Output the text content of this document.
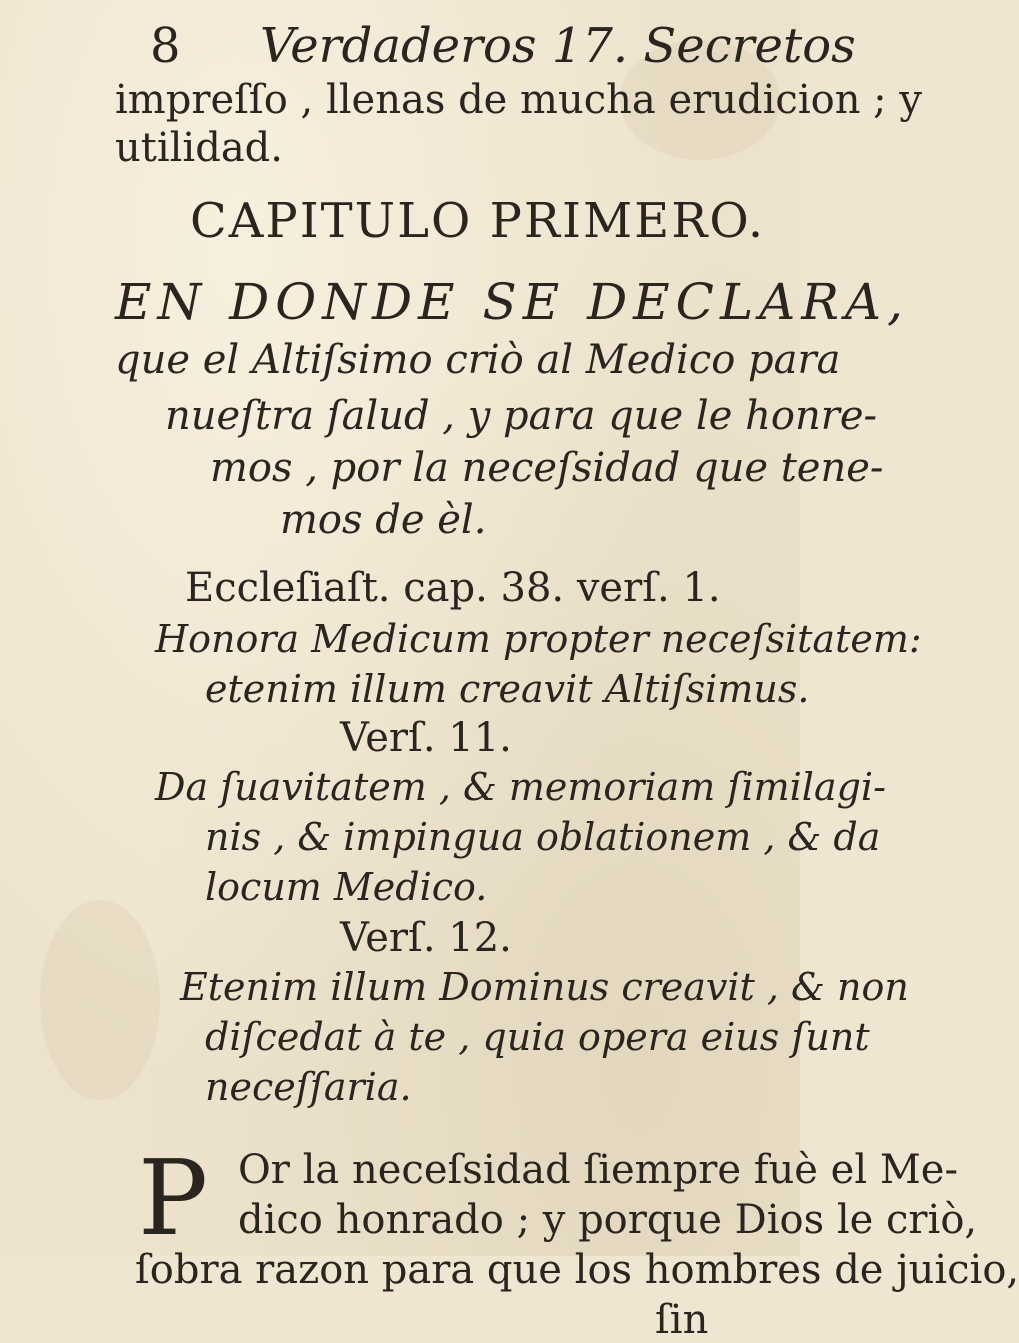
8 Verdaderos 17. Secretos
impreſſo , llenas de mucha erudicion ; y
utilidad.
CAPITULO PRIMERO.
EN DONDE SE DECLARA,
que el Altiſsimo criò al Medico para
nueſtra ſalud , y para que le honre-
mos , por la neceſsidad que tene-
mos de èl.
Eccleſiaſt. cap. 38. verſ. 1.
Honora Medicum propter neceſsitatem:
etenim illum creavit Altiſsimus.
Verſ. 11.
Da ſuavitatem , & memoriam ſimilagi-
nis , & impingua oblationem , & da
locum Medico.
Verſ. 12.
Etenim illum Dominus creavit , & non
diſcedat à te , quia opera eius ſunt
neceſſaria.
P Or la neceſsidad ſiempre fuè el Me-
dico honrado ; y porque Dios le criò,
ſobra razon para que los hombres de juicio,
ſin
